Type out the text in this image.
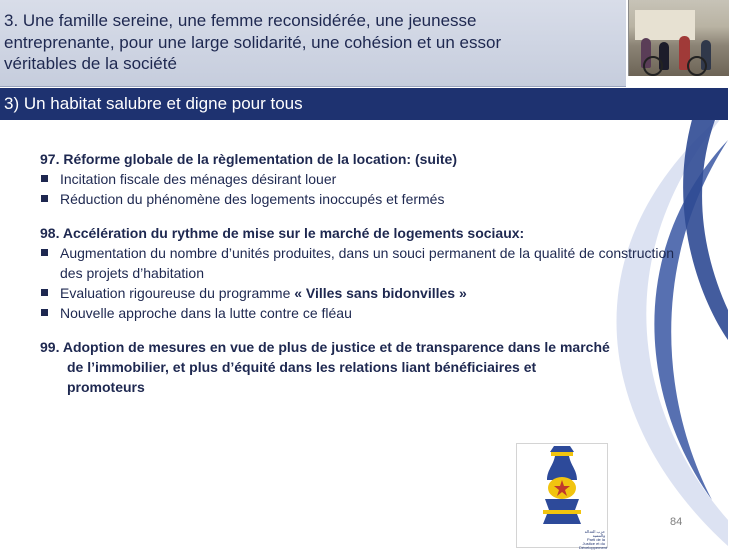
3. Une famille sereine, une femme reconsidérée, une jeunesse
entreprenante, pour une large solidarité, une cohésion et un essor
véritables de la société
3) Un habitat salubre et digne pour tous
97. Réforme globale de la règlementation de la location: (suite)
Incitation fiscale des ménages désirant louer
Réduction du phénomène des logements inoccupés et fermés
98. Accélération du rythme de mise sur le marché de logements sociaux:
Augmentation du nombre d’unités produites, dans un souci permanent de la qualité de construction des projets d’habitation
Evaluation rigoureuse du programme « Villes sans bidonvilles »
Nouvelle approche dans la lutte contre ce fléau
99. Adoption de mesures en vue de plus de justice et de transparence dans le marché
de l’immobilier, et plus d’équité dans les relations liant bénéficiaires et
promoteurs
حزب العدالة والتنمية
Parti de la Justice et du Développement
84
